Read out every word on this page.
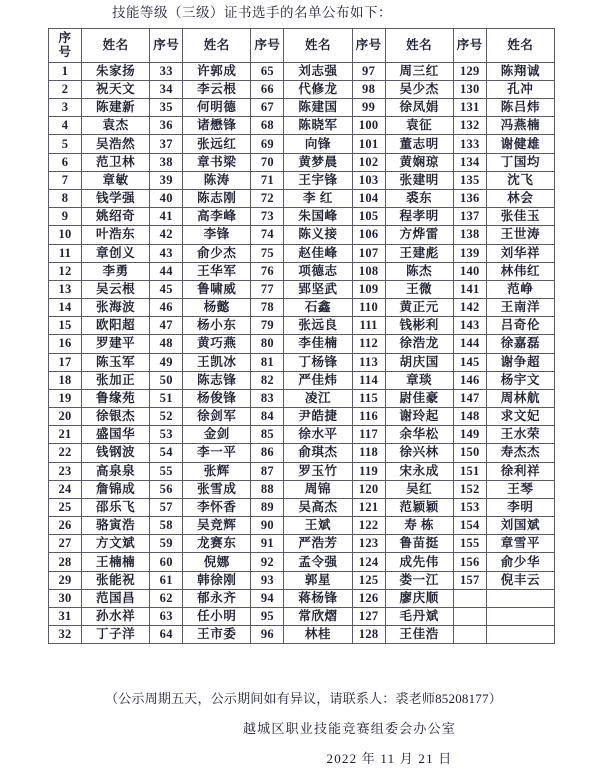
技能等级（三级）证书选手的名单公布如下：
序号	姓名	序号	姓名	序号	姓名	序号	姓名	序号	姓名
1	朱家扬	33	许郭成	65	刘志强	97	周三红	129	陈翔诚
2	祝天文	34	李云根	66	代修龙	98	吴少杰	130	孔冲
3	陈建新	35	何明德	67	陈建国	99	徐凤娟	131	陈吕炜
4	袁杰	36	诸懋锋	68	陈晓军	100	袁征	132	冯燕楠
5	吴浩然	37	张远红	69	向锋	101	董志明	133	谢健雄
6	范卫林	38	章书梁	70	黄梦晨	102	黄娴琼	134	丁国均
7	章敏	39	陈涛	71	王宇锋	103	张建明	135	沈飞
8	钱学强	40	陈志刚	72	李 红	104	裘东	136	林会
9	姚绍奇	41	高李峰	73	朱国峰	105	程孝明	137	张佳玉
10	叶浩东	42	李锋	74	陈义接	106	方烨雷	138	王世涛
11	章创义	43	俞少杰	75	赵佳峰	107	王建彪	139	刘华祥
12	李勇	44	王华军	76	项德志	108	陈杰	140	林伟红
13	吴云根	45	鲁啸威	77	郢坚武	109	王微	141	范峥
14	张海波	46	杨懿	78	石鑫	110	黄正元	142	王南洋
15	欧阳超	47	杨小东	79	张远良	111	钱彬利	143	吕奇伦
16	罗建平	48	黄巧燕	80	李佳楠	112	徐浩龙	144	徐嘉磊
17	陈玉军	49	王凯冰	81	丁杨锋	113	胡庆国	145	谢争超
18	张加正	50	陈志锋	82	严佳炜	114	章琰	146	杨宇文
19	鲁缘苑	51	杨俊锋	83	凌江	115	尉佳豪	147	周林航
20	徐银杰	52	徐剑军	84	尹皓捷	116	谢玲起	148	求文妃
21	盛国华	53	金剑	85	徐水平	117	余华松	149	王水荣
22	钱钢波	54	李一平	86	俞琪杰	118	徐兴林	150	寿杰杰
23	高泉泉	55	张辉	87	罗玉竹	119	宋永成	151	徐利祥
24	詹锦成	56	张雪成	88	周锦	120	吴红	152	王琴
25	邵乐飞	57	李怀香	89	吴高杰	121	范颖颖	153	李明
26	骆寅浩	58	吴竞辉	90	王斌	122	寿 栋	154	刘国斌
27	方文斌	59	龙赛东	91	严浩芳	123	鲁苗挺	155	章雪平
28	王楠楠	60	倪娜	92	孟令强	124	成先伟	156	俞少华
29	张能祝	61	韩徐刚	93	郭星	125	娄一江	157	倪丰云
30	范国昌	62	郁永齐	94	蒋杨锋	126	廖庆顺		
31	孙水祥	63	任小明	95	常欣熠	127	毛丹斌		
32	丁子洋	64	王市委	96	林桂	128	王佳浩		
（公示周期五天，公示期间如有异议，请联系人：裘老师85208177）
越城区职业技能竞赛组委会办公室
2022 年 11 月 21 日
